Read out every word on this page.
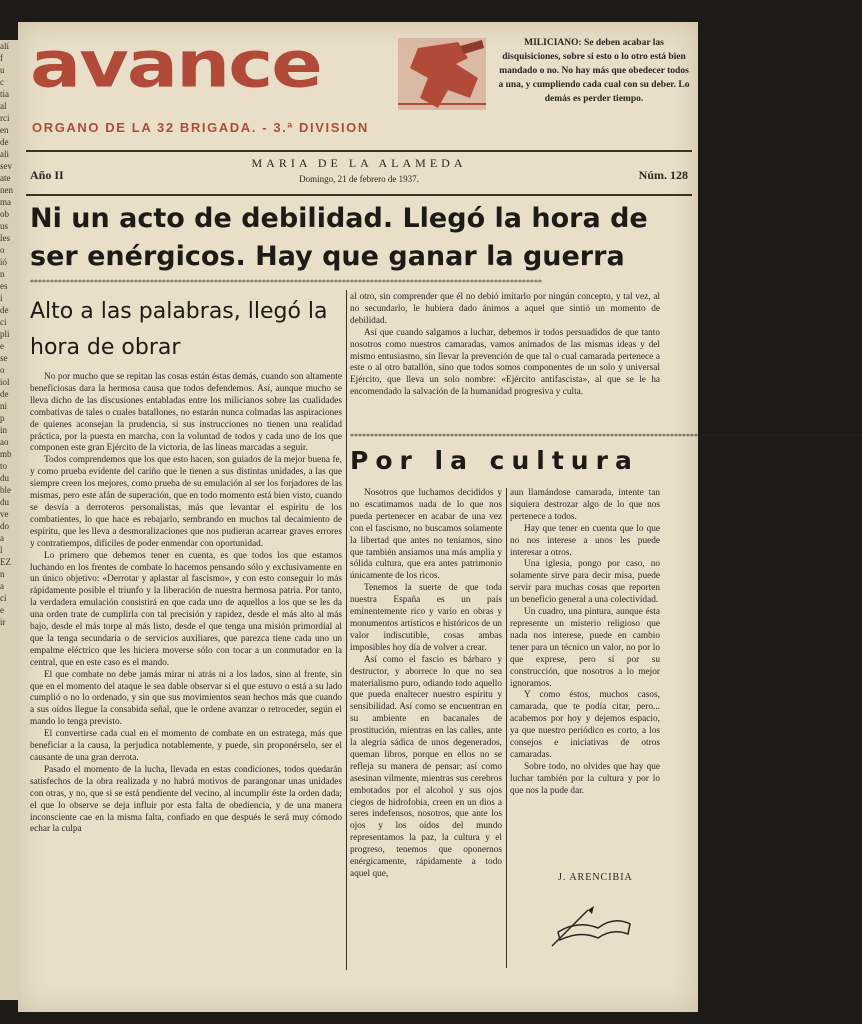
avance
ORGANO DE LA 32 BRIGADA. - 3.ª DIVISION
MILICIANO: Se deben acabar las disquisiciones, sobre si esto o lo otro está bien mandado o no. No hay más que obedecer todos a una, y cumpliendo cada cual con su deber. Lo demás es perder tiempo.
Año II
MARIA DE LA ALAMEDA
Domingo, 21 de febrero de 1937.	Núm. 128
Ni un acto de debilidad. Llegó la hora de ser enérgicos. Hay que ganar la guerra
********************************************************************************************************************************
Alto a las palabras, llegó la hora de obrar

No por mucho que se repitan las cosas están éstas demás, cuando son altamente beneficiosas dara la hermosa causa que todos defendemos. Así, aunque mucho se lleva dicho de las discusiones entabladas entre los milicianos sobre las cualidades combativas de tales o cuales batallones, no estarán nunca colmadas las aspiraciones de quienes aconsejan la prudencia, si sus instrucciones no tienen una realidad práctica, por la puesta en marcha, con la voluntad de todos y cada uno de los que componen este gran Ejército de la victoria, de las líneas marcadas a seguir.

Todos comprendemos que los que esto hacen, son guiados de la mejor buena fe, y como prueba evidente del cariño que le tienen a sus distintas unidades, a las que siempre creen los mejores, como prueba de su emulación al ser los forjadores de las mismas, pero este afán de superación, que en todo momento está bien visto, cuando se desvía a derroteros personalistas, más que levantar el espíritu de los combatientes, lo que hace es rebajarlo, sembrando en muchos tal decaimiento de espíritu, que les lleva a desmoralizaciones que nos pudieran acarrear graves errores y contratiempos, difíciles de poder enmendar con oportunidad.

Lo primero que debemos tener en cuenta, es que todos los que estamos luchando en los frentes de combate lo hacemos pensando sólo y exclusivamente en un único objetivo: «Derrotar y aplastar al fascismo», y con esto conseguir lo más rápidamente posible el triunfo y la liberación de nuestra hermosa patria. Por tanto, la verdadera emulación consistirá en que cada uno de aquellos a los que se les da una orden trate de cumplirla con tal precisión y rapidez, desde el más alto al más bajo, desde el más torpe al más listo, desde el que tenga una misión primordial al que la tenga secundaria o de servicios auxiliares, que parezca tiene cada uno un empalme eléctrico que les hiciera moverse sólo con tocar a un conmutador en la central, que en este caso es el mando.

El que combate no debe jamás mirar ni atrás ni a los lados, sino al frente, sin que en el momento del ataque le sea dable observar si el que estuvo o está a su lado cumplió o no lo ordenado, y sin que sus movimientos sean hechos más que cuando a sus oídos llegue la consabida señal, que le ordene avanzar o retroceder, según el mando lo tenga previsto.

El convertirse cada cual en el momento de combate en un estratega, más que beneficiar a la causa, la perjudica notablemente, y puede, sin proponérselo, ser el causante de una gran derrota.

Pasado el momento de la lucha, llevada en estas condiciones, todos quedarán satisfechos de la obra realizada y no habrá motivos de parangonar unas unidades con otras, y no, que si se está pendiente del vecino, al incumplir éste la orden dada; el que lo observe se deja influir por esta falta de obediencia, y de una manera inconsciente cae en la misma falta, confiado en que después le será muy cómodo echar la culpa

al otro, sin comprender que él no debió imitarlo por ningún concepto, y tal vez, al no secundarlo, le hubiera dado ánimos a aquel que sintió un momento de debilidad.

Así que cuando salgamos a luchar, debemos ir todos persuadidos de que tanto nosotros como nuestros camaradas, vamos animados de las mismas ideas y del mismo entusiasmo, sin llevar la prevención de que tal o cual camarada pertenece a este o al otro batallón, sino que todos somos componentes de un solo y universal Ejército, que lleva un solo nombre: «Ejército antifascista», al que se le ha encomendado la salvación de la humanidad progresiva y culta.

********************************************************************************************************************************
Por la cultura

Nosotros que luchamos decididos y no escatimamos nada de lo que nos pueda pertenecer en acabar de una vez con el fascismo, no buscamos solamente la libertad que antes no teníamos, sino que también ansiamos una más amplia y sólida cultura, que era antes patrimonio únicamente de los ricos.

Tenemos la suerte de que toda nuestra España es un país eminentemente rico y vario en obras y monumentos artísticos e históricos de un valor indiscutible, cosas ambas imposibles hoy día de volver a crear.

Así como el fascio es bárbaro y destructor, y aborrece lo que no sea materialismo puro, odiando todo aquello que pueda enaltecer nuestro espíritu y sensibilidad. Así como se encuentran en su ambiente en bacanales de prostitución, mientras en las calles, ante la alegría sádica de unos degenerados, queman libros, porque en ellos no se refleja su manera de pensar; así como asesinan vilmente, mientras sus cerebros embotados por el alcohol y sus ojos ciegos de hidrofobia, creen en un dios a seres indefensos, nosotros, que ante los ojos y los oídos del mundo representamos la paz, la cultura y el progreso, tenemos que oponernos enérgicamente, rápidamente a todo aquel que,

aun llamándose camarada, intente tan siquiera destrozar algo de lo que nos pertenece a todos.

Hay que tener en cuenta que lo que no nos interese a unos les puede interesar a otros.

Una iglesia, pongo por caso, no solamente sirve para decir misa, puede servir para muchas cosas que reporten un beneficio general a una colectividad.

Un cuadro, una pintura, aunque ésta represente un misterio religioso que nada nos interese, puede en cambio tener para un técnico un valor, no por lo que exprese, pero sí por su construcción, que nosotros a lo mejor ignoramos.

Y como éstos, muchos casos, camarada, que te podía citar, pero... acabemos por hoy y dejemos espacio, ya que nuestro periódico es corto, a los consejos e iniciativas de otros camaradas.

Sobre todo, no olvides que hay que luchar también por la cultura y por lo que nos la pude dar.

J. ARENCIBIA
alí
f
u
c
tia
al
rci
en
de
ali
sev
ate
nen
ma
ob
us
les
o
ió
n
es
i
de
ci
pli
e
se
o
iol
de
ni
p
in
ao
mb
to
du
ble
du
ve
do
a
l
EZ
n
a
ci
e
ir
